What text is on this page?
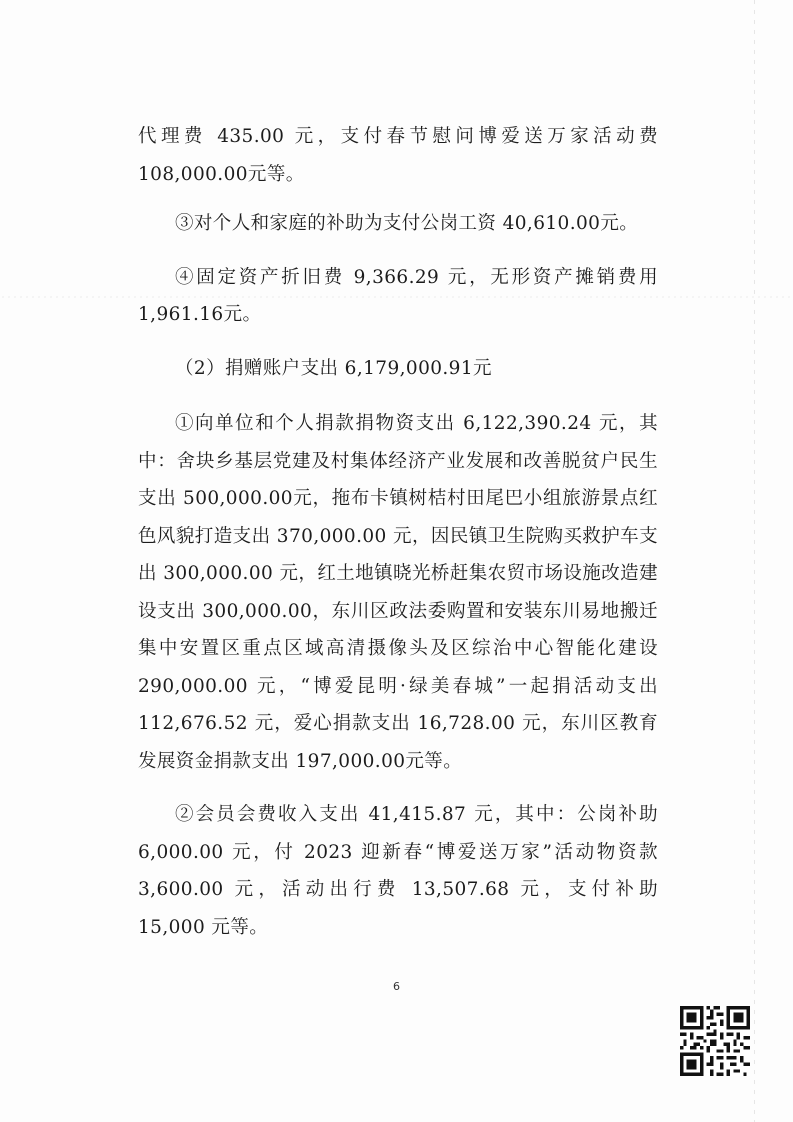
代理费 435.00 元，支付春节慰问博爱送万家活动费 108,000.00元等。

③对个人和家庭的补助为支付公岗工资 40,610.00元。

④固定资产折旧费 9,366.29 元，无形资产摊销费用 1,961.16元。

（2）捐赠账户支出 6,179,000.91元

①向单位和个人捐款捐物资支出 6,122,390.24 元，其中：舍块乡基层党建及村集体经济产业发展和改善脱贫户民生支出 500,000.00元，拖布卡镇树桔村田尾巴小组旅游景点红色风貌打造支出 370,000.00 元，因民镇卫生院购买救护车支出 300,000.00 元，红土地镇晓光桥赶集农贸市场设施改造建设支出 300,000.00，东川区政法委购置和安装东川易地搬迁集中安置区重点区域高清摄像头及区综治中心智能化建设 290,000.00 元，“博爱昆明·绿美春城”一起捐活动支出 112,676.52 元，爱心捐款支出 16,728.00 元，东川区教育发展资金捐款支出 197,000.00元等。

②会员会费收入支出 41,415.87 元，其中：公岗补助 6,000.00 元，付 2023 迎新春“博爱送万家”活动物资款 3,600.00 元，活动出行费 13,507.68 元，支付补助 15,000 元等。

6
